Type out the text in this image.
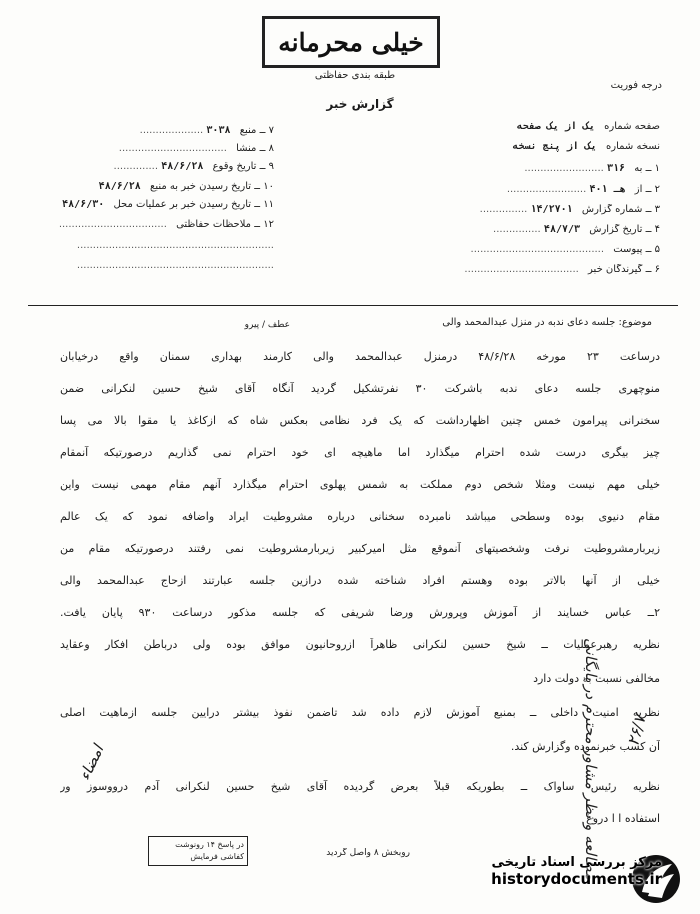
خیلی محرمانه
طبقه بندی حفاظتی
درجه فوریت
گزارش خبر
صفحه شماره یک از یک صفحه
نسخه شماره یک از پنج نسخه
۱ ــ به ۳۱۶ .........................
۲ ــ از ۴۰۱ هـ .........................
۳ ــ شماره گزارش ۱۴/۲۷۰۱ ...............
۴ ــ تاریخ گزارش ۴۸/۷/۳ ...............
۵ ــ پیوست ..........................................
۶ ــ گیرندگان خبر ....................................
۷ ــ منبع ۳۰۳۸ ....................
۸ ــ منشأ ..................................
۹ ــ تاریخ وقوع ۴۸/۶/۲۸ ..............
۱۰ ــ تاریخ رسیدن خبر به منبع ۴۸/۶/۲۸
۱۱ ــ تاریخ رسیدن خبر بر عملیات محل ۴۸/۶/۳۰
۱۲ ــ ملاحظات حفاظتی ..................................
..............................................................
..............................................................
موضوع: جلسه دعای ندبه در منزل عبدالمحمد والی
عطف / پیرو
درساعت ۲۳ مورخه ۴۸/۶/۲۸ درمنزل عبدالمحمد والی کارمند بهداری سمنان واقع درخیابان
منوچهری جلسه دعای ندبه باشرکت ۳۰ نفرتشکیل گردید آنگاه آقای شیخ حسین لنکرانی ضمن
سخنرانی پیرامون خمس چنین اظهارداشت که یک فرد نظامی بعکس شاه که ازکاغذ یا مقوا بالا می پسا
چیز بیگری درست شده احترام میگذارد اما ماهیچه ای خود احترام نمی گذاریم درصورتیکه آنمقام
خیلی مهم نیست ومثلا شخص دوم مملکت به شمس پهلوی احترام میگذارد آنهم مقام مهمی نیست واین
مقام دنیوی بوده وسطحی میباشد نامبرده سخنانی درباره مشروطیت ایراد واضافه نمود که یک عالم
زیربارمشروطیت نرفت وشخصیتهای آنموقع مثل امیرکبیر زیربارمشروطیت نمی رفتند درصورتیکه مقام من
خیلی از آنها بالاتر بوده وهستم افراد شناخته شده درازین جلسه عبارتند ازحاج عبدالمحمد والی
۲ــ عباس خسایند از آموزش وپرورش ورضا شریفی که جلسه مذکور درساعت ۹۳۰ پایان یافت.
نظریه رهبرعملیات ــ شیخ حسین لنکرانی ظاهراً ازروحانیون موافق بوده ولی درباطن افکار وعقاید
مخالفی نسبت به دولت دارد
نظریه امنیت داخلی ــ بمنبع آموزش لازم داده شد تاضمن نفوذ بیشتر درایین جلسه ازماهیت اصلی
آن کسب خبرنموده وگزارش کند.
نظریه رئیس ساواک ــ بطوریکه قبلاً بعرض گردیده آقای شیخ حسین لنکرانی آدم درووسوز ور
استفاده ا ا دروغ
مطالعه و نظر مشاور محترم در بایگانی	۲۶/۷
امضاء
در پاسخ ۱۴ رونوشت
کفاشی فرمایش	روبخش ۸ واصل گردید
مرکز بررسی اسناد تاریخی
historydocuments.ir
